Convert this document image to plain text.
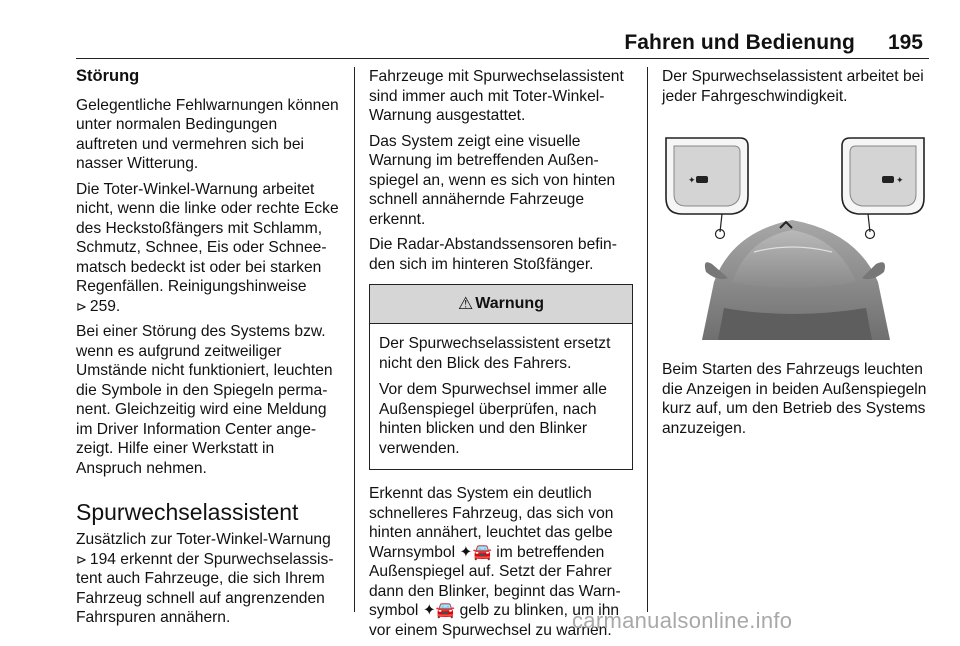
Fahren und Bedienung 195
Störung

Gelegentliche Fehlwarnungen können unter normalen Bedingungen auftreten und vermehren sich bei nasser Witterung.

Die Toter-Winkel-Warnung arbeitet nicht, wenn die linke oder rechte Ecke des Heckstoßfängers mit Schlamm, Schmutz, Schnee, Eis oder Schneematsch bedeckt ist oder bei starken Regenfällen. Reinigungshinweise
⊳ 259.

Bei einer Störung des Systems bzw. wenn es aufgrund zeitweiliger Umstände nicht funktioniert, leuchten die Symbole in den Spiegeln permanent. Gleichzeitig wird eine Meldung im Driver Information Center angezeigt. Hilfe einer Werkstatt in Anspruch nehmen.

Spurwechselassistent

Zusätzlich zur Toter-Winkel-Warnung ⊳ 194 erkennt der Spurwechselassistent auch Fahrzeuge, die sich Ihrem Fahrzeug schnell auf angrenzenden Fahrspuren annähern.

Fahrzeuge mit Spurwechselassistent sind immer auch mit Toter-Winkel-Warnung ausgestattet.

Das System zeigt eine visuelle Warnung im betreffenden Außenspiegel an, wenn es sich von hinten schnell annähernde Fahrzeuge erkennt.

Die Radar-Abstandssensoren befinden sich im hinteren Stoßfänger.

⚠ Warnung

Der Spurwechselassistent ersetzt nicht den Blick des Fahrers.

Vor dem Spurwechsel immer alle Außenspiegel überprüfen, nach hinten blicken und den Blinker verwenden.

Erkennt das System ein deutlich schnelleres Fahrzeug, das sich von hinten annähert, leuchtet das gelbe Warnsymbol ✦🚘 im betreffenden Außenspiegel auf. Setzt der Fahrer dann den Blinker, beginnt das Warnsymbol ✦🚘 gelb zu blinken, um ihn vor einem Spurwechsel zu warnen.

Der Spurwechselassistent arbeitet bei jeder Fahrgeschwindigkeit.

✦	✦

Beim Starten des Fahrzeugs leuchten die Anzeigen in beiden Außenspiegeln kurz auf, um den Betrieb des Systems anzuzeigen.

carmanualsonline.info
